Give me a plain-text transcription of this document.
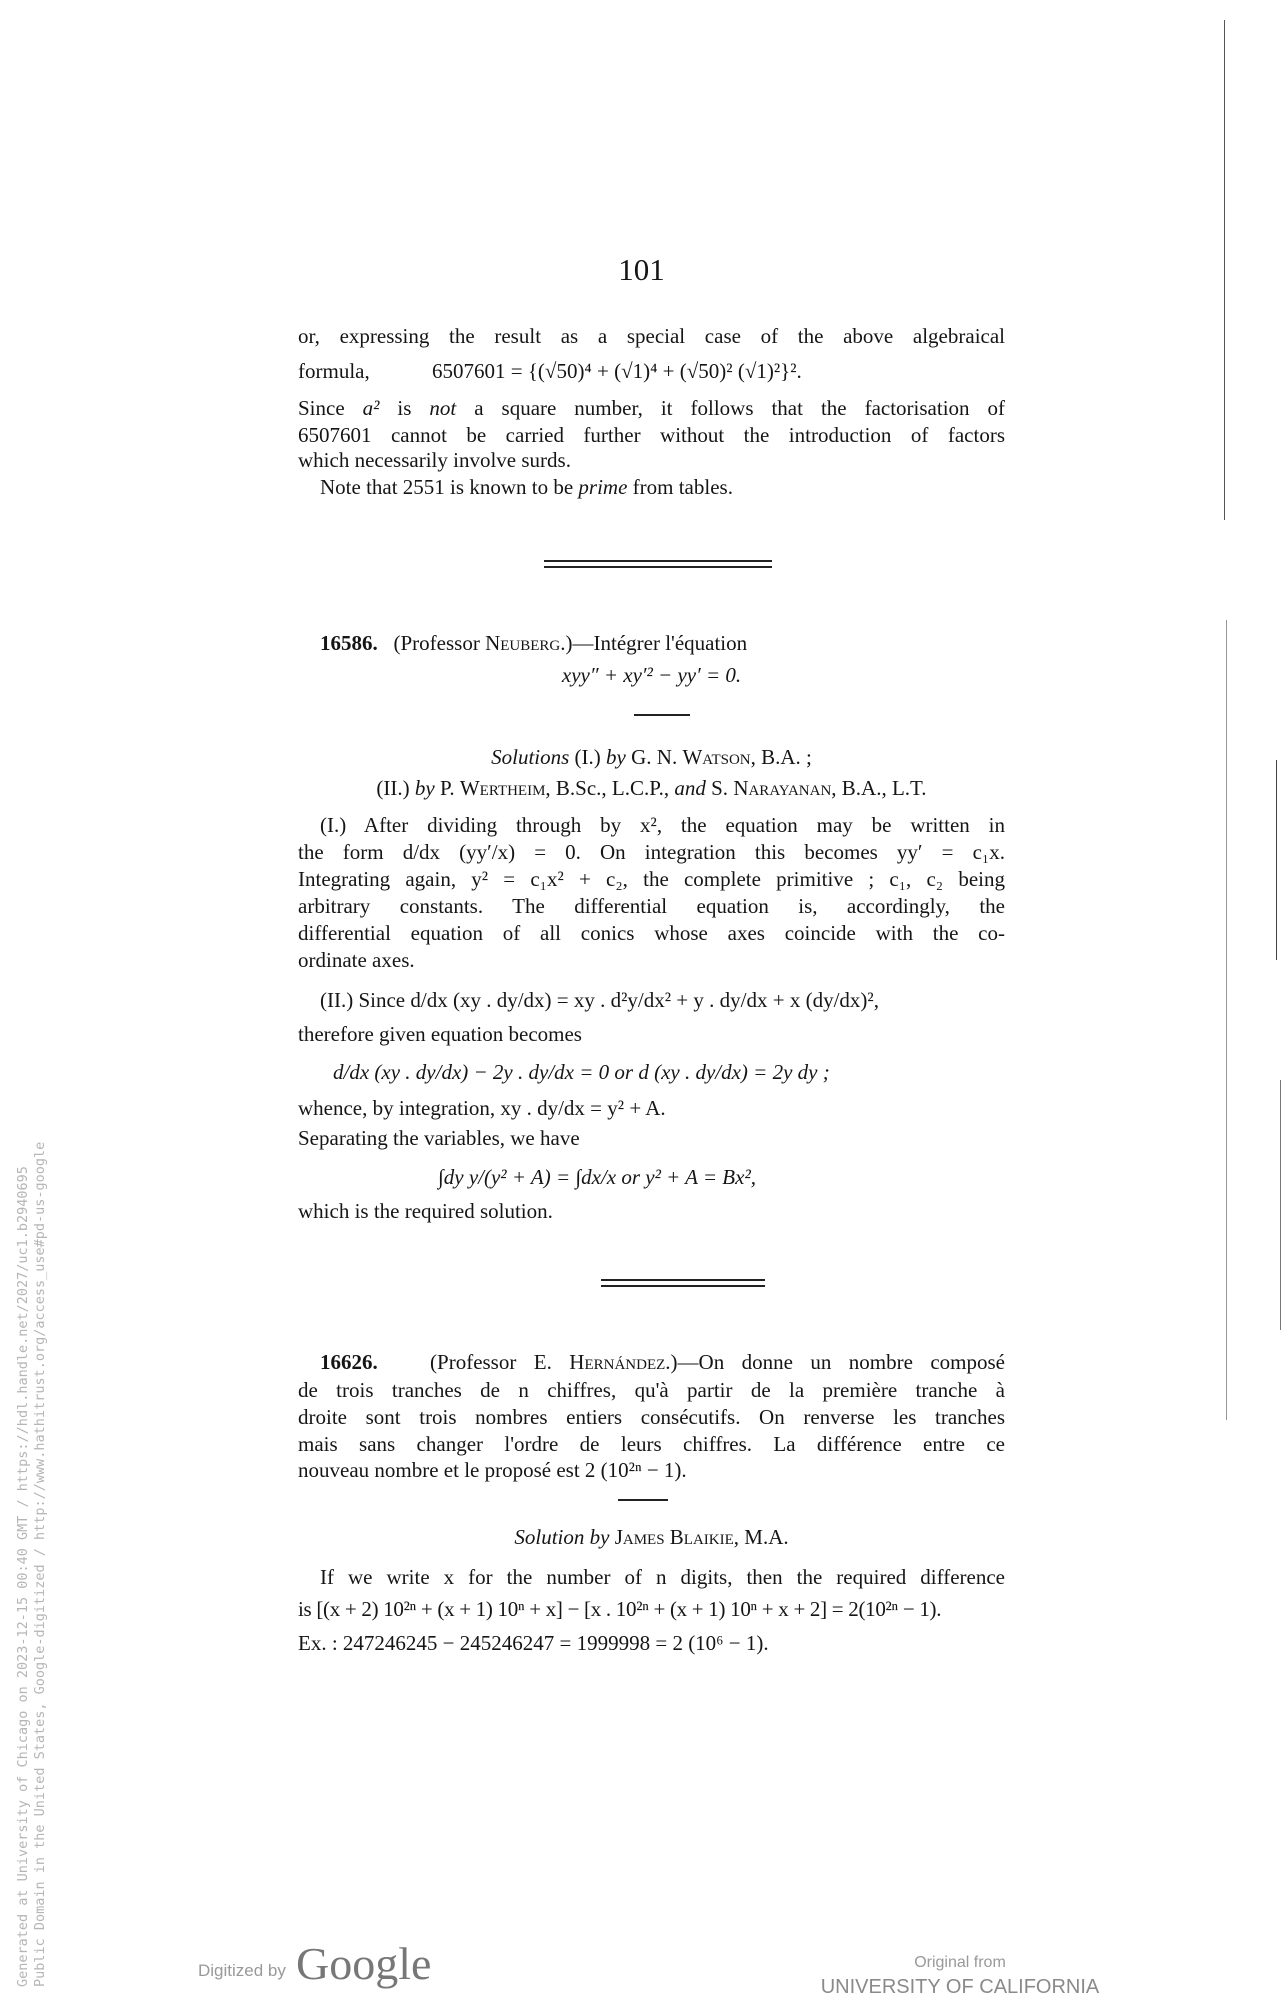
101
or, expressing the result as a special case of the above algebraical
formula,	6507601 = {(√50)⁴ + (√1)⁴ + (√50)² (√1)²}².
Since a² is not a square number, it follows that the factorisation of
6507601 cannot be carried further without the introduction of factors
which necessarily involve surds.
Note that 2551 is known to be prime from tables.
16586. (Professor Neuberg.)—Intégrer l'équation
xyy″ + xy′² − yy′ = 0.
Solutions (I.) by G. N. Watson, B.A. ;
(II.) by P. Wertheim, B.Sc., L.C.P., and S. Narayanan, B.A., L.T.
(I.) After dividing through by x², the equation may be written in
the form d/dx (yy′/x) = 0. On integration this becomes yy′ = c₁x.
Integrating again, y² = c₁x² + c₂, the complete primitive ; c₁, c₂ being
arbitrary constants. The differential equation is, accordingly, the
differential equation of all conics whose axes coincide with the co-
ordinate axes.
(II.) Since d/dx (xy . dy/dx) = xy . d²y/dx² + y . dy/dx + x (dy/dx)²,
therefore given equation becomes
d/dx (xy . dy/dx) − 2y . dy/dx = 0 or d (xy . dy/dx) = 2y dy ;
whence, by integration, xy . dy/dx = y² + A.
Separating the variables, we have
∫dy y/(y² + A) = ∫dx/x or y² + A = Bx²,
which is the required solution.
16626. (Professor E. Hernández.)—On donne un nombre composé
de trois tranches de n chiffres, qu'à partir de la première tranche à
droite sont trois nombres entiers consécutifs. On renverse les tranches
mais sans changer l'ordre de leurs chiffres. La différence entre ce
nouveau nombre et le proposé est 2 (10²ⁿ − 1).
Solution by James Blaikie, M.A.
If we write x for the number of n digits, then the required difference
is [(x + 2) 10²ⁿ + (x + 1) 10ⁿ + x] − [x . 10²ⁿ + (x + 1) 10ⁿ + x + 2] = 2(10²ⁿ − 1).
Ex. : 247246245 − 245246247 = 1999998 = 2 (10⁶ − 1).
Generated at University of Chicago on 2023-12-15 00:40 GMT / https://hdl.handle.net/2027/uc1.b2940695 Public Domain in the United States, Google-digitized / http://www.hathitrust.org/access_use#pd-us-google	Digitized by Google	Original from
UNIVERSITY OF CALIFORNIA
